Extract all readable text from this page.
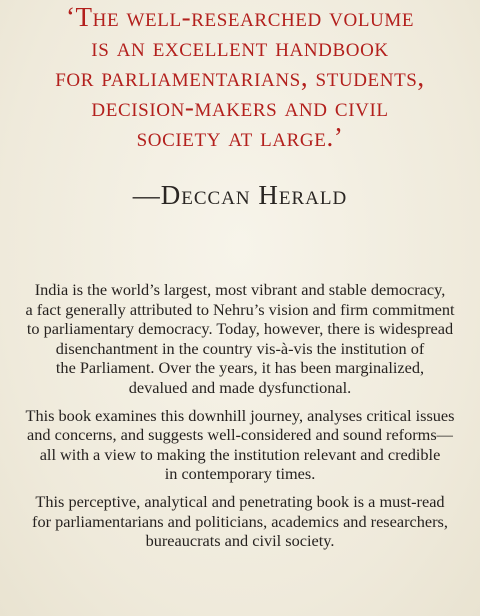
‘The well-researched volume
is an excellent handbook
for parliamentarians, students,
decision-makers and civil
society at large.’
—Deccan Herald
India is the world’s largest, most vibrant and stable democracy,
a fact generally attributed to Nehru’s vision and firm commitment
to parliamentary democracy. Today, however, there is widespread
disenchantment in the country vis-à-vis the institution of
the Parliament. Over the years, it has been marginalized,
devalued and made dysfunctional.
This book examines this downhill journey, analyses critical issues
and concerns, and suggests well-considered and sound reforms—
all with a view to making the institution relevant and credible
in contemporary times.
This perceptive, analytical and penetrating book is a must-read
for parliamentarians and politicians, academics and researchers,
bureaucrats and civil society.
